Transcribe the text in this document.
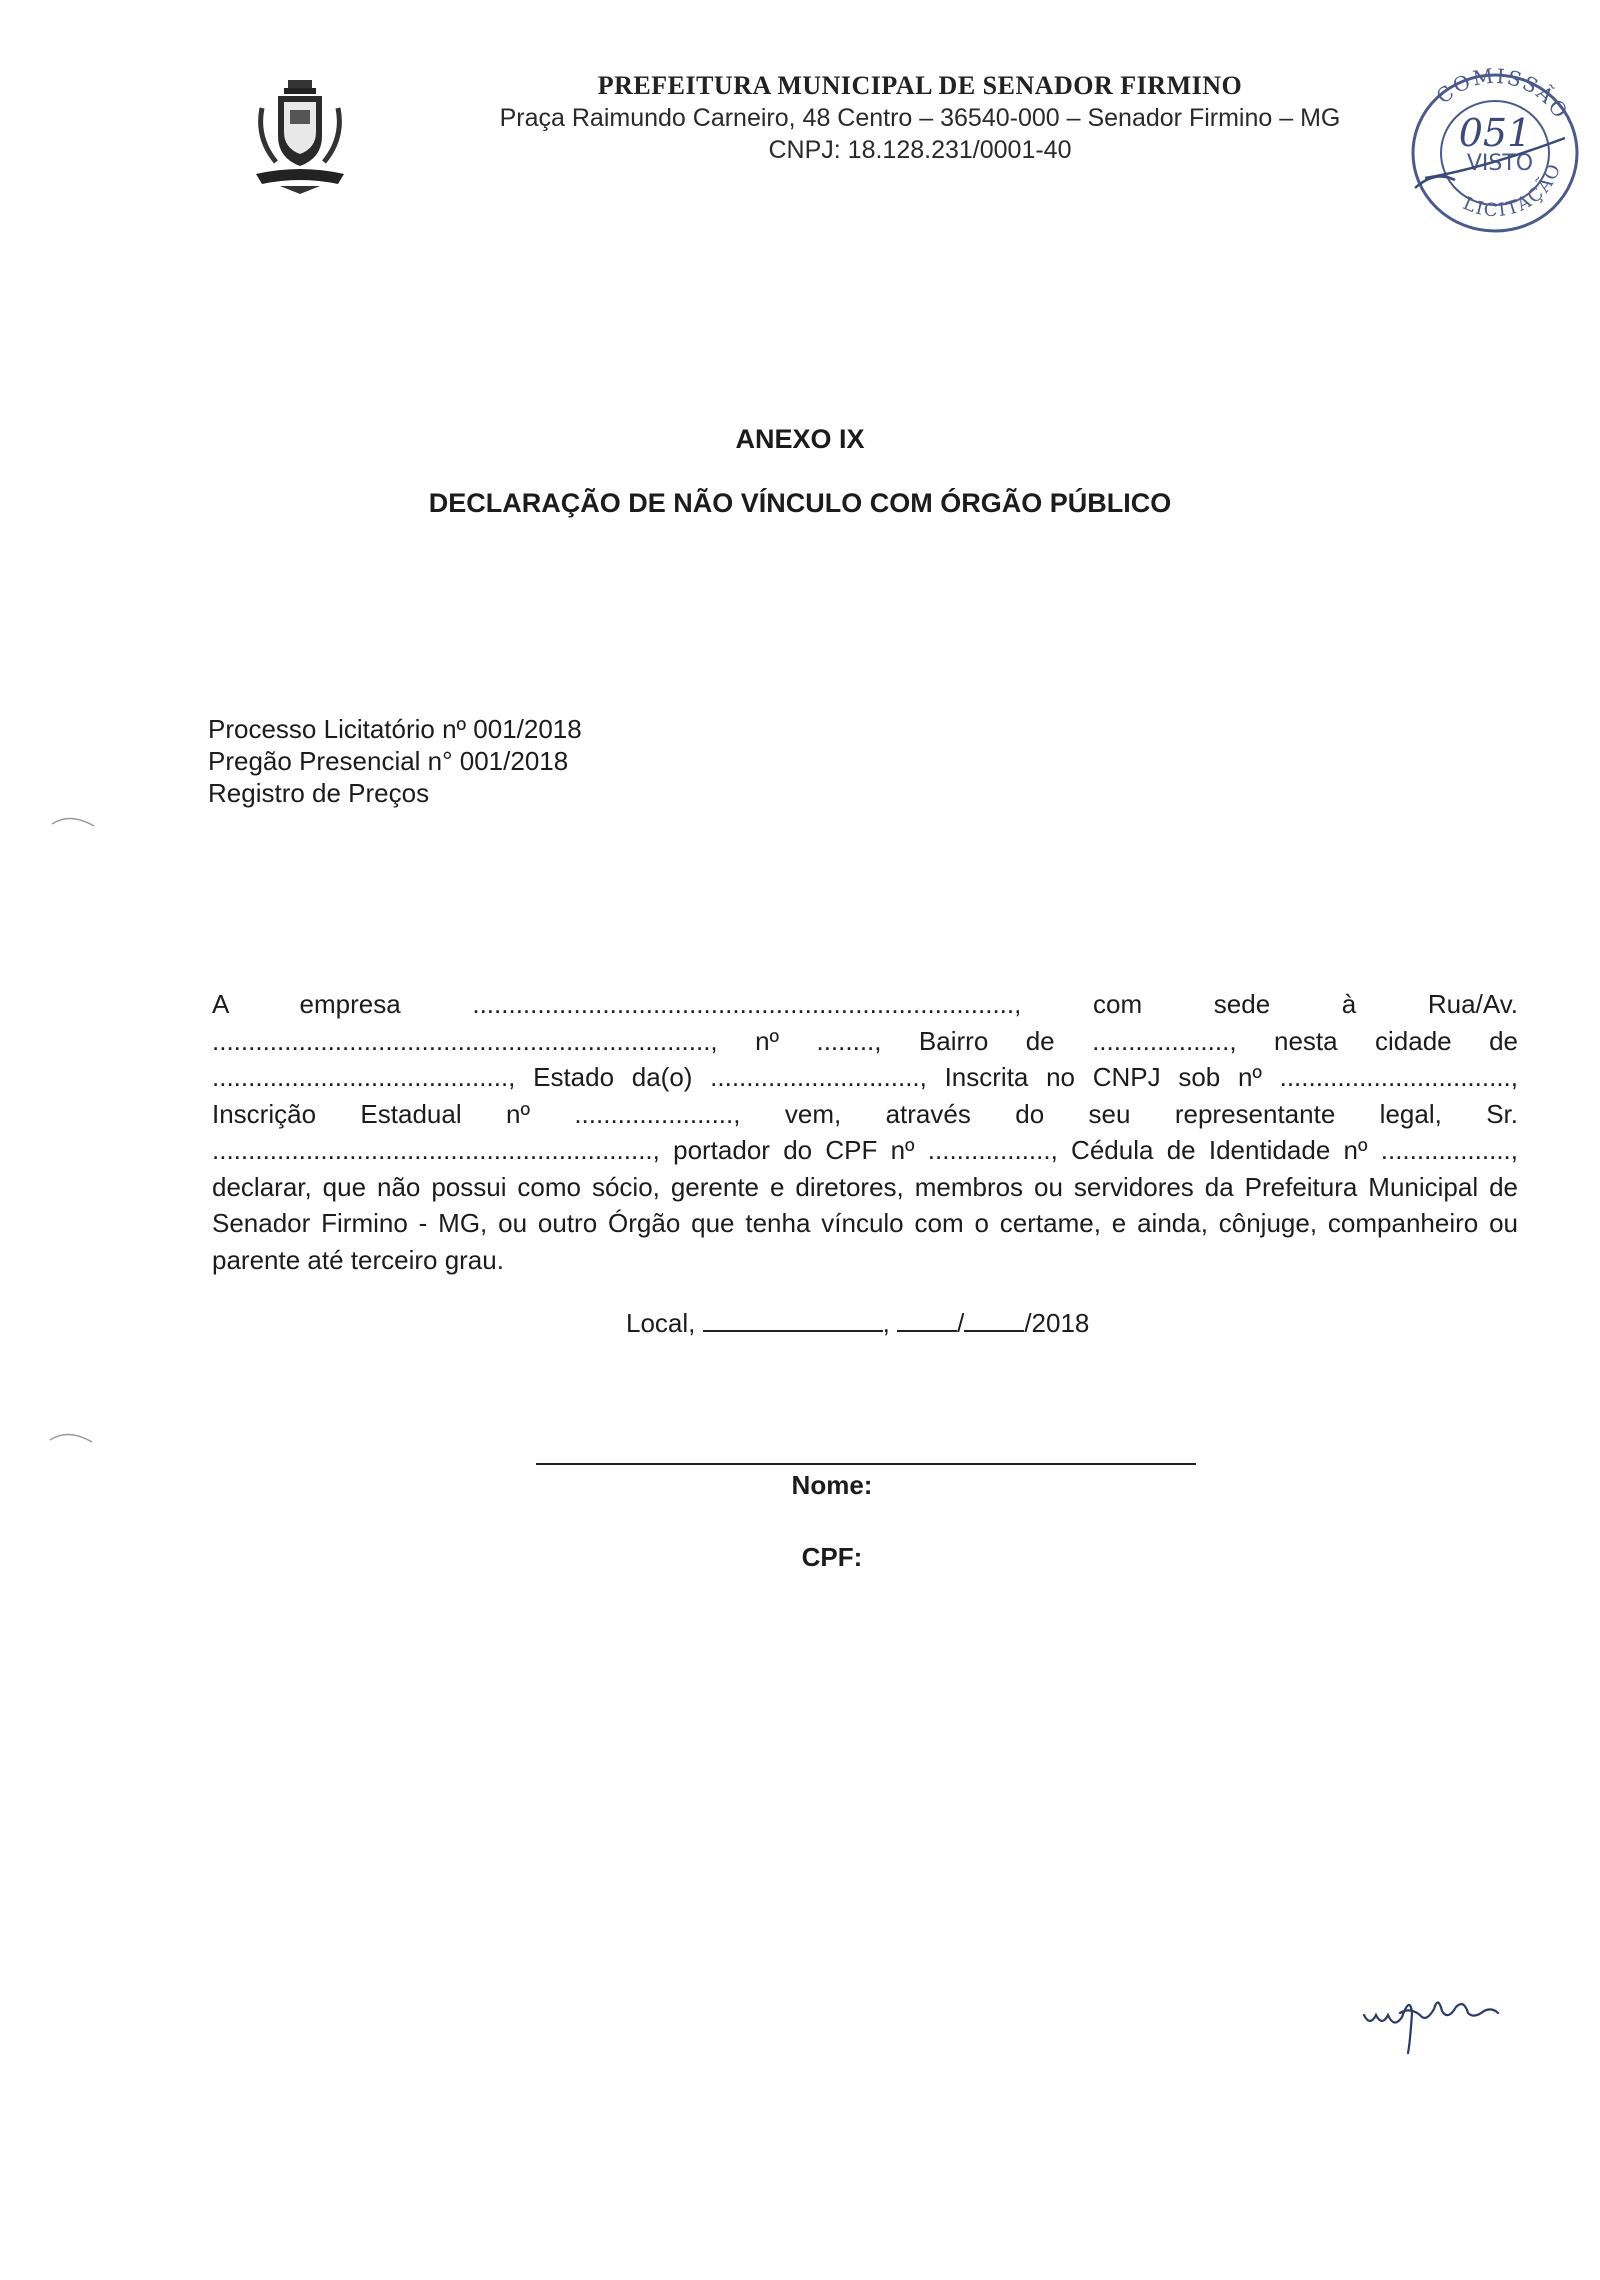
PREFEITURA MUNICIPAL DE SENADOR FIRMINO
Praça Raimundo Carneiro, 48 Centro – 36540-000 – Senador Firmino – MG
CNPJ: 18.128.231/0001-40
COMISSÃO
LICITAÇÃO
VISTO
051
ANEXO IX
DECLARAÇÃO DE NÃO VÍNCULO COM ÓRGÃO PÚBLICO
Processo Licitatório nº 001/2018
Pregão Presencial n° 001/2018
Registro de Preços
A empresa ..........................................................................., com sede à Rua/Av. ....................................................................., nº ........, Bairro de ..................., nesta cidade de ........................................., Estado da(o) ............................., Inscrita no CNPJ sob nº ................................, Inscrição Estadual nº ......................, vem, através do seu representante legal, Sr. ............................................................., portador do CPF nº ................., Cédula de Identidade nº .................., declarar, que não possui como sócio, gerente e diretores, membros ou servidores da Prefeitura Municipal de Senador Firmino - MG, ou outro Órgão que tenha vínculo com o certame, e ainda, cônjuge, companheiro ou parente até terceiro grau.
Local,	,	/ /2018
Nome:
CPF:
